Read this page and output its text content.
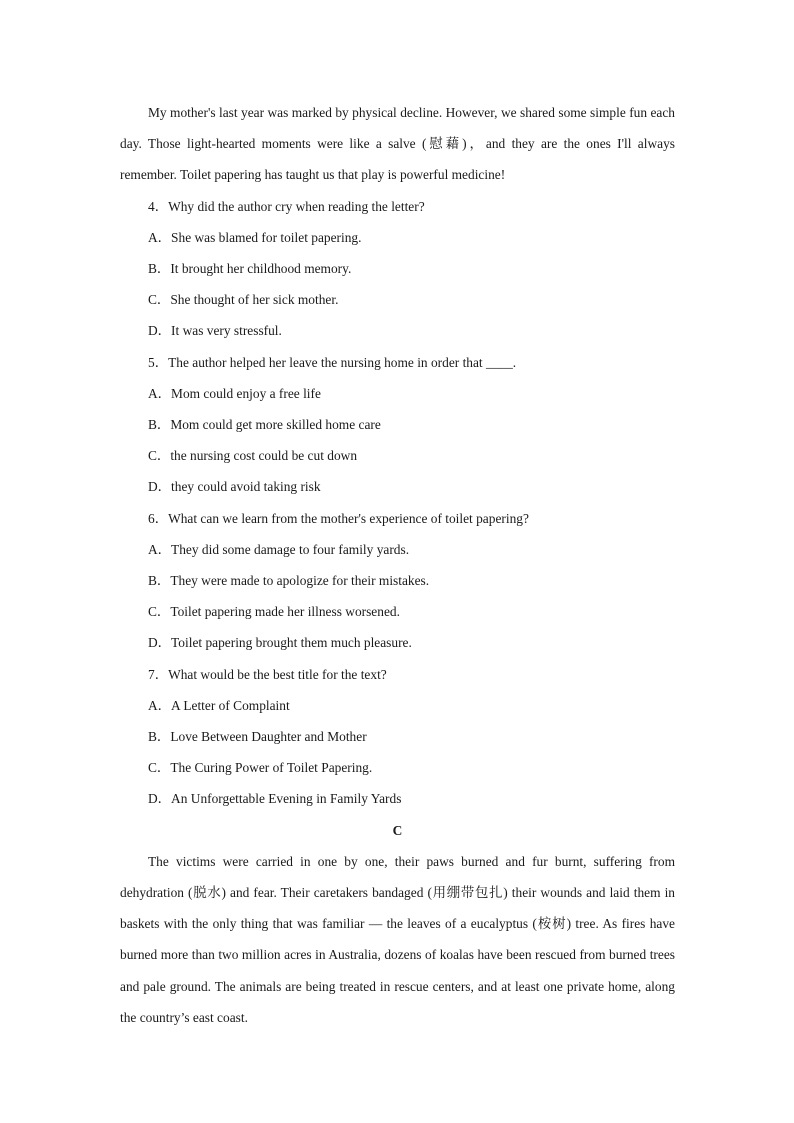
My mother's last year was marked by physical decline. However, we shared some simple fun each day. Those light-hearted moments were like a salve (慰藉)，and they are the ones I'll always remember. Toilet papering has taught us that play is powerful medicine!

4．Why did the author cry when reading the letter?

A．She was blamed for toilet papering.

B．It brought her childhood memory.

C．She thought of her sick mother.

D．It was very stressful.

5．The author helped her leave the nursing home in order that ____.

A．Mom could enjoy a free life

B．Mom could get more skilled home care

C．the nursing cost could be cut down

D．they could avoid taking risk

6．What can we learn from the mother's experience of toilet papering?

A．They did some damage to four family yards.

B．They were made to apologize for their mistakes.

C．Toilet papering made her illness worsened.

D．Toilet papering brought them much pleasure.

7．What would be the best title for the text?

A．A Letter of Complaint

B．Love Between Daughter and Mother

C．The Curing Power of Toilet Papering.

D．An Unforgettable Evening in Family Yards

C

The victims were carried in one by one, their paws burned and fur burnt, suffering from dehydration (脱水) and fear. Their caretakers bandaged (用绷带包扎) their wounds and laid them in baskets with the only thing that was familiar — the leaves of a eucalyptus (桉树) tree. As fires have burned more than two million acres in Australia, dozens of koalas have been rescued from burned trees and pale ground. The animals are being treated in rescue centers, and at least one private home, along the country’s east coast.
